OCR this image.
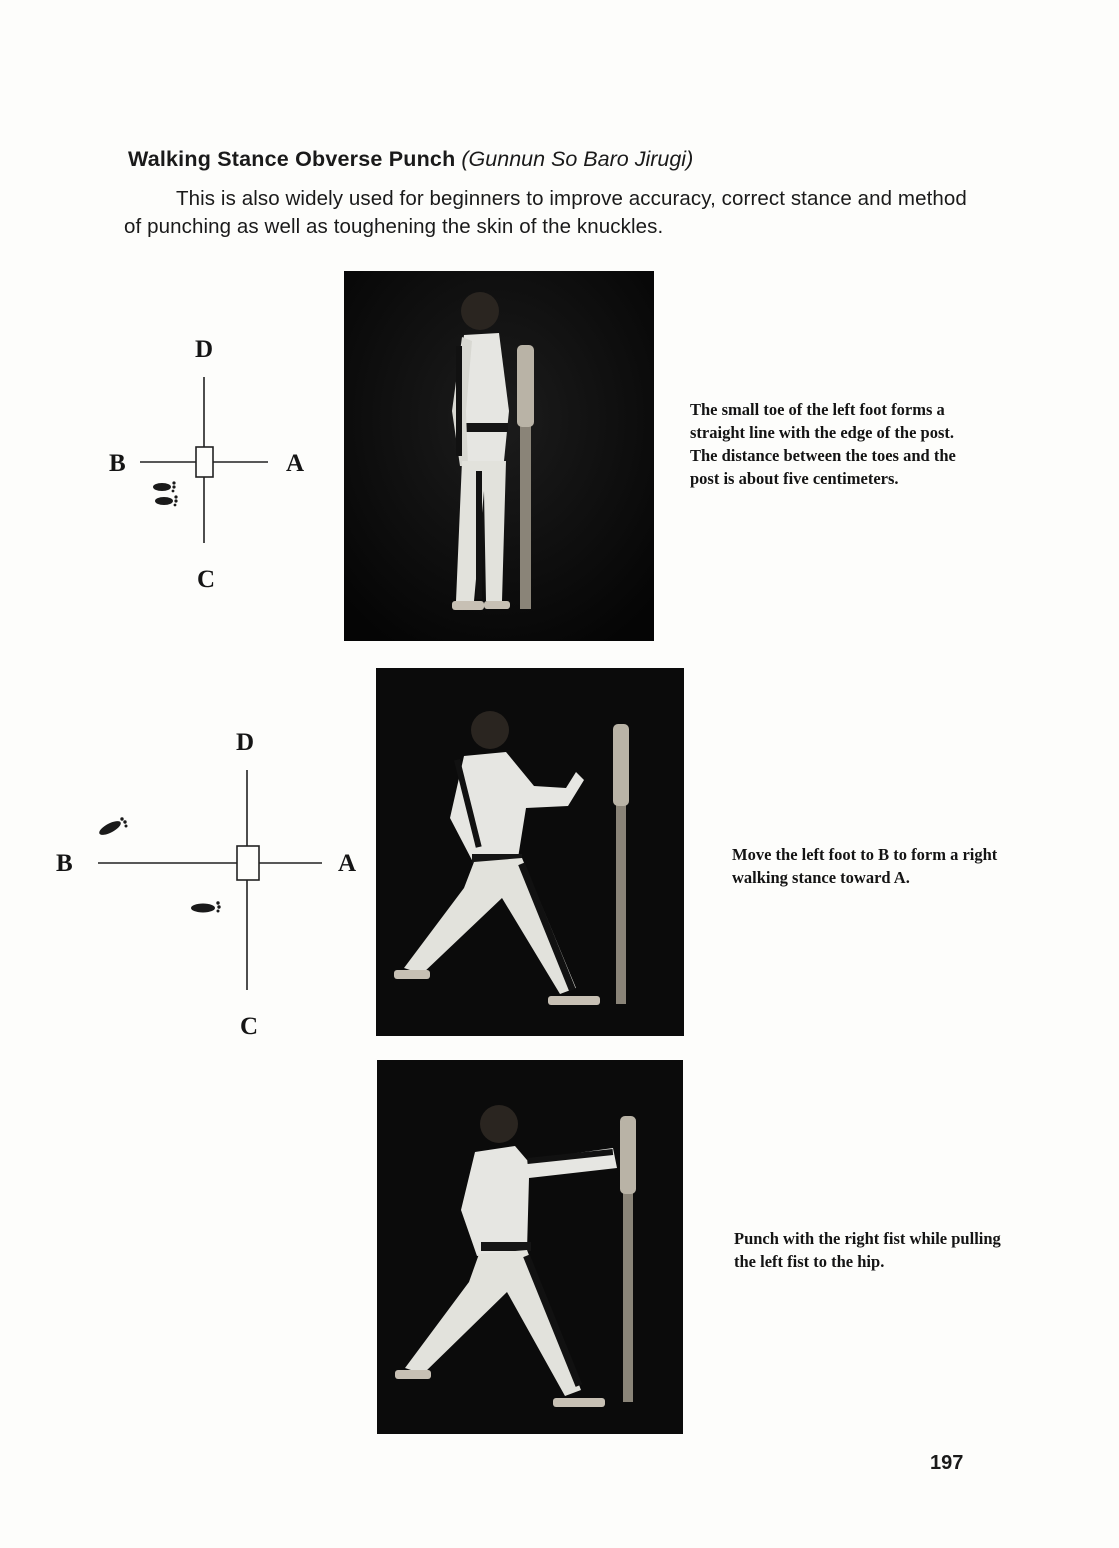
Walking Stance Obverse Punch (Gunnun So Baro Jirugi)
This is also widely used for beginners to improve accuracy, correct stance and method of punching as well as toughening the skin of the knuckles.
D
B	A
C
The small toe of the left foot forms a straight line with the edge of the post. The distance between the toes and the post is about five centimeters.
D
B	A
C
Move the left foot to B to form a right walking stance toward A.
Punch with the right fist while pulling the left fist to the hip.
197
